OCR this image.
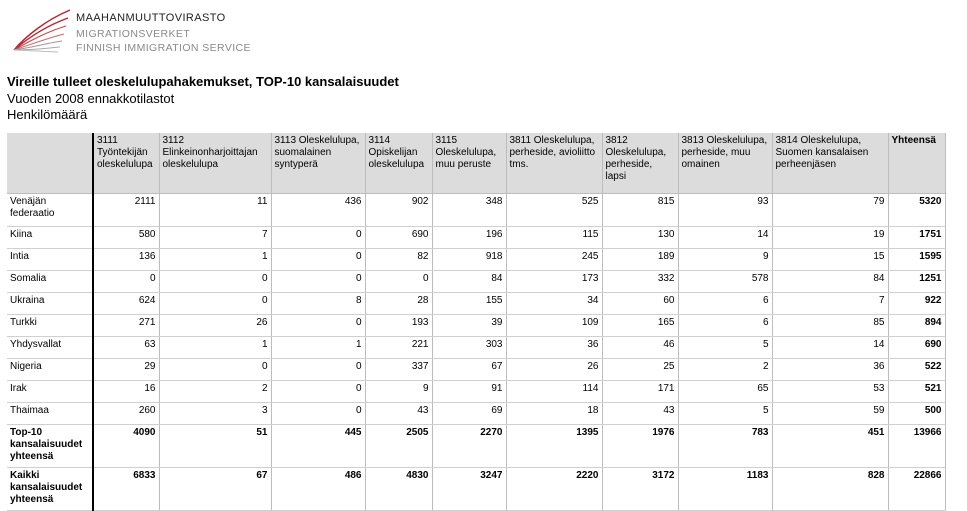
MAAHANMUUTTOVIRASTO
MIGRATIONSVERKET
FINNISH IMMIGRATION SERVICE
Vireille tulleet oleskelulupahakemukset, TOP-10 kansalaisuudet
Vuoden 2008 ennakkotilastot
Henkilömäärä
	3111 Työntekijän oleskelulupa	3112 Elinkeinonharjoittajan oleskelulupa	3113 Oleskelulupa, suomalainen syntyperä	3114 Opiskelijan oleskelulupa	3115 Oleskelulupa, muu peruste	3811 Oleskelulupa, perheside, avioliitto tms.	3812 Oleskelulupa, perheside, lapsi	3813 Oleskelulupa, perheside, muu omainen	3814 Oleskelulupa, Suomen kansalaisen perheenjäsen	Yhteensä
Venäjän federaatio	2111	11	436	902	348	525	815	93	79	5320
Kiina	580	7	0	690	196	115	130	14	19	1751
Intia	136	1	0	82	918	245	189	9	15	1595
Somalia	0	0	0	0	84	173	332	578	84	1251
Ukraina	624	0	8	28	155	34	60	6	7	922
Turkki	271	26	0	193	39	109	165	6	85	894
Yhdysvallat	63	1	1	221	303	36	46	5	14	690
Nigeria	29	0	0	337	67	26	25	2	36	522
Irak	16	2	0	9	91	114	171	65	53	521
Thaimaa	260	3	0	43	69	18	43	5	59	500
Top-10 kansalaisuudet yhteensä	4090	51	445	2505	2270	1395	1976	783	451	13966
Kaikki kansalaisuudet yhteensä	6833	67	486	4830	3247	2220	3172	1183	828	22866
